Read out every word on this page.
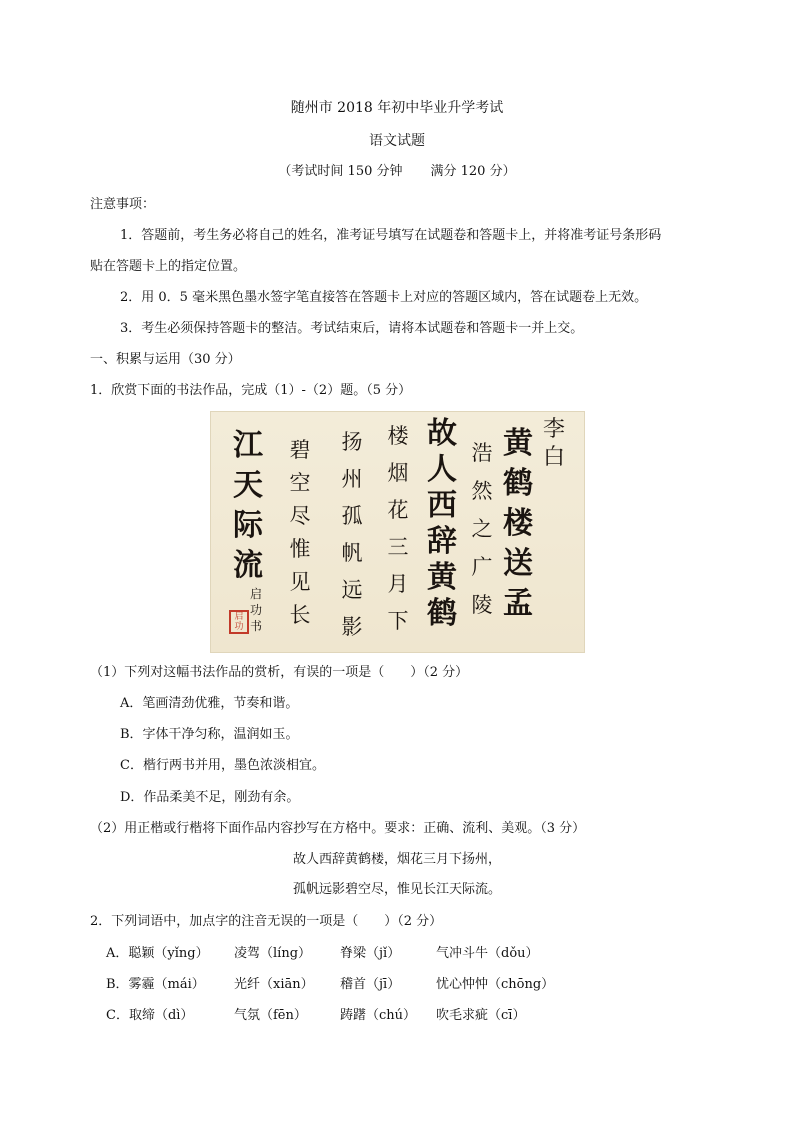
随州市 2018 年初中毕业升学考试
语文试题
（考试时间 150 分钟 满分 120 分）
注意事项：
1．答题前，考生务必将自己的姓名，准考证号填写在试题卷和答题卡上，并将准考证号条形码
贴在答题卡上的指定位置。
2．用 0．5 毫米黑色墨水签字笔直接答在答题卡上对应的答题区域内，答在试题卷上无效。
3．考生必须保持答题卡的整洁。考试结束后，请将本试题卷和答题卡一并上交。
一、积累与运用（30 分）
1．欣赏下面的书法作品，完成（1）-（2）题。（5 分）
李白
黄鹤楼送孟
浩然之广陵
故人西辞黄鹤
楼烟花三月下
扬州孤帆远影
碧空尽惟见长
江天际流
启功书
启功
（1）下列对这幅书法作品的赏析，有误的一项是（　　）（2 分）
A．笔画清劲优雅，节奏和谐。
B．字体干净匀称，温润如玉。
C．楷行两书并用，墨色浓淡相宜。
D．作品柔美不足，刚劲有余。
（2）用正楷或行楷将下面作品内容抄写在方格中。要求：正确、流利、美观。（3 分）
故人西辞黄鹤楼，烟花三月下扬州，
孤帆远影碧空尽，惟见长江天际流。
2．下列词语中，加点字的注音无误的一项是（　　）（2 分）
A．聪颖（yǐng） 凌驾（líng） 脊梁（jǐ）	气冲斗牛（dǒu）
B．雾霾（mái） 光纤（xiān） 稽首（jī）	忧心忡忡（chōng）
C．取缔（dì）	气氛（fēn）	踌躇（chú） 吹毛求疵（cī）
